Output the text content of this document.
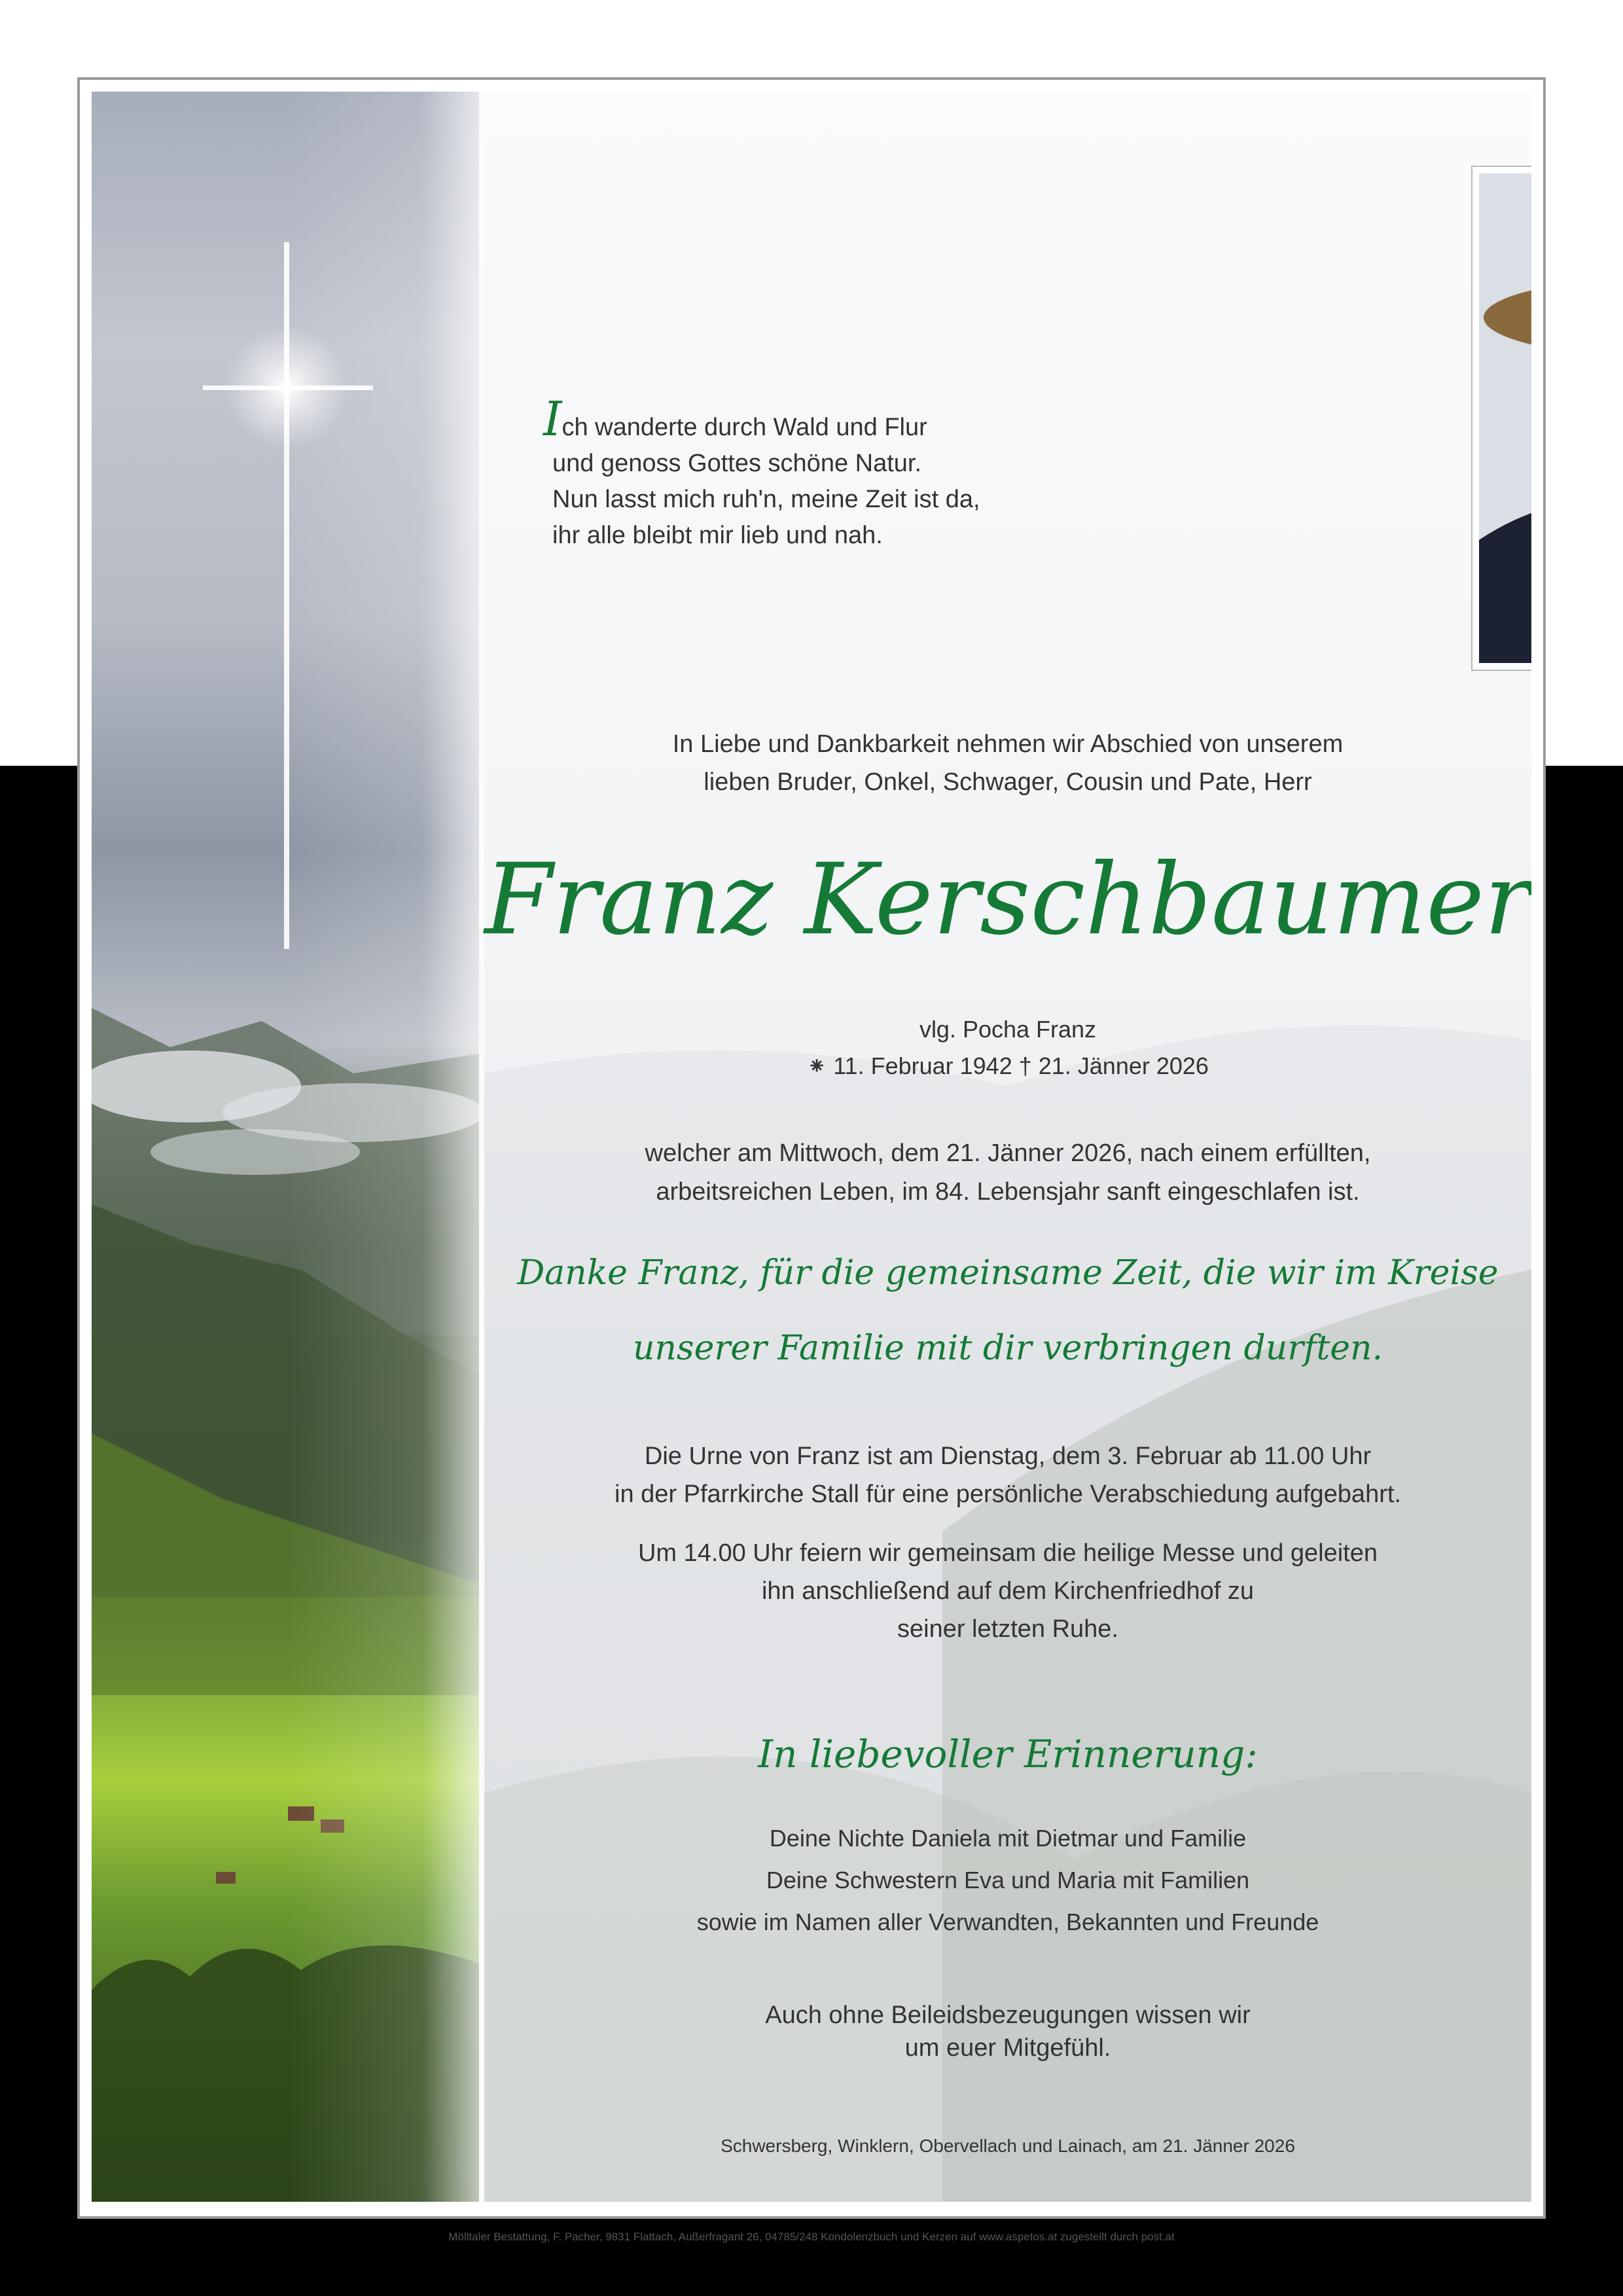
Ich wanderte durch Wald und Flur
und genoss Gottes schöne Natur.
Nun lasst mich ruh'n, meine Zeit ist da,
ihr alle bleibt mir lieb und nah.
In Liebe und Dankbarkeit nehmen wir Abschied von unserem
lieben Bruder, Onkel, Schwager, Cousin und Pate, Herr
Franz Kerschbaumer
vlg. Pocha Franz
⁕ 11. Februar 1942 † 21. Jänner 2026
welcher am Mittwoch, dem 21. Jänner 2026, nach einem erfüllten,
arbeitsreichen Leben, im 84. Lebensjahr sanft eingeschlafen ist.
Danke Franz, für die gemeinsame Zeit, die wir im Kreise
unserer Familie mit dir verbringen durften.
Die Urne von Franz ist am Dienstag, dem 3. Februar ab 11.00 Uhr
in der Pfarrkirche Stall für eine persönliche Verabschiedung aufgebahrt.
Um 14.00 Uhr feiern wir gemeinsam die heilige Messe und geleiten
ihn anschließend auf dem Kirchenfriedhof zu
seiner letzten Ruhe.
In liebevoller Erinnerung:
Deine Nichte Daniela mit Dietmar und Familie
Deine Schwestern Eva und Maria mit Familien
sowie im Namen aller Verwandten, Bekannten und Freunde
Auch ohne Beileidsbezeugungen wissen wir
um euer Mitgefühl.
Schwersberg, Winklern, Obervellach und Lainach, am 21. Jänner 2026
Mölltaler Bestattung, F. Pacher, 9831 Flattach, Außerfragant 26, 04785/248 Kondolenzbuch und Kerzen auf www.aspetos.at zugestellt durch post.at
